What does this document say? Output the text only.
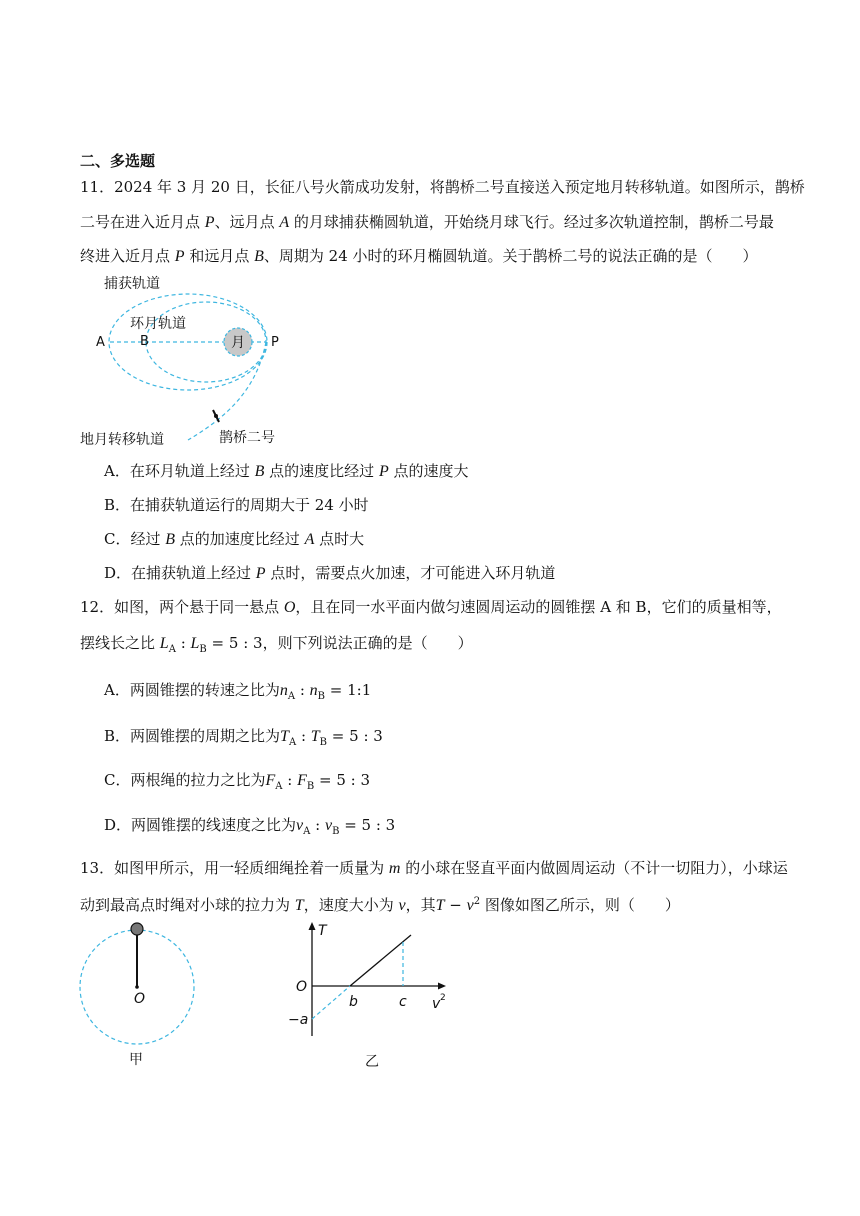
二、多选题
11．2024 年 3 月 20 日，长征八号火箭成功发射，将鹊桥二号直接送入预定地月转移轨道。如图所示，鹊桥
二号在进入近月点 P、远月点 A 的月球捕获椭圆轨道，开始绕月球飞行。经过多次轨道控制，鹊桥二号最
终进入近月点 P 和远月点 B、周期为 24 小时的环月椭圆轨道。关于鹊桥二号的说法正确的是（　　）
月
捕获轨道
环月轨道
A	B	P
地月转移轨道	鹊桥二号
A．在环月轨道上经过 B 点的速度比经过 P 点的速度大
B．在捕获轨道运行的周期大于 24 小时
C．经过 B 点的加速度比经过 A 点时大
D．在捕获轨道上经过 P 点时，需要点火加速，才可能进入环月轨道
12．如图，两个悬于同一悬点 O，且在同一水平面内做匀速圆周运动的圆锥摆 A 和 B，它们的质量相等，
摆线长之比 $L_A$ : $L_B = 5$ : 3，则下列说法正确的是（　　）
A．两圆锥摆的转速之比为$n_A$ : $n_B$ = 1:1
B．两圆锥摆的周期之比为$T_A$ : $T_B = 5$ : 3
C．两根绳的拉力之比为$F_A$ : $F_B = 5$ : 3
D．两圆锥摆的线速度之比为$v_A$ : $v_B = 5$ : 3
13．如图甲所示，用一轻质细绳拴着一质量为 m 的小球在竖直平面内做圆周运动（不计一切阻力），小球运
动到最高点时绳对小球的拉力为 T，速度大小为 v，其$T - v^2$ 图像如图乙所示，则（　　）
O
甲
T
O
−a
b	c v 2
乙
